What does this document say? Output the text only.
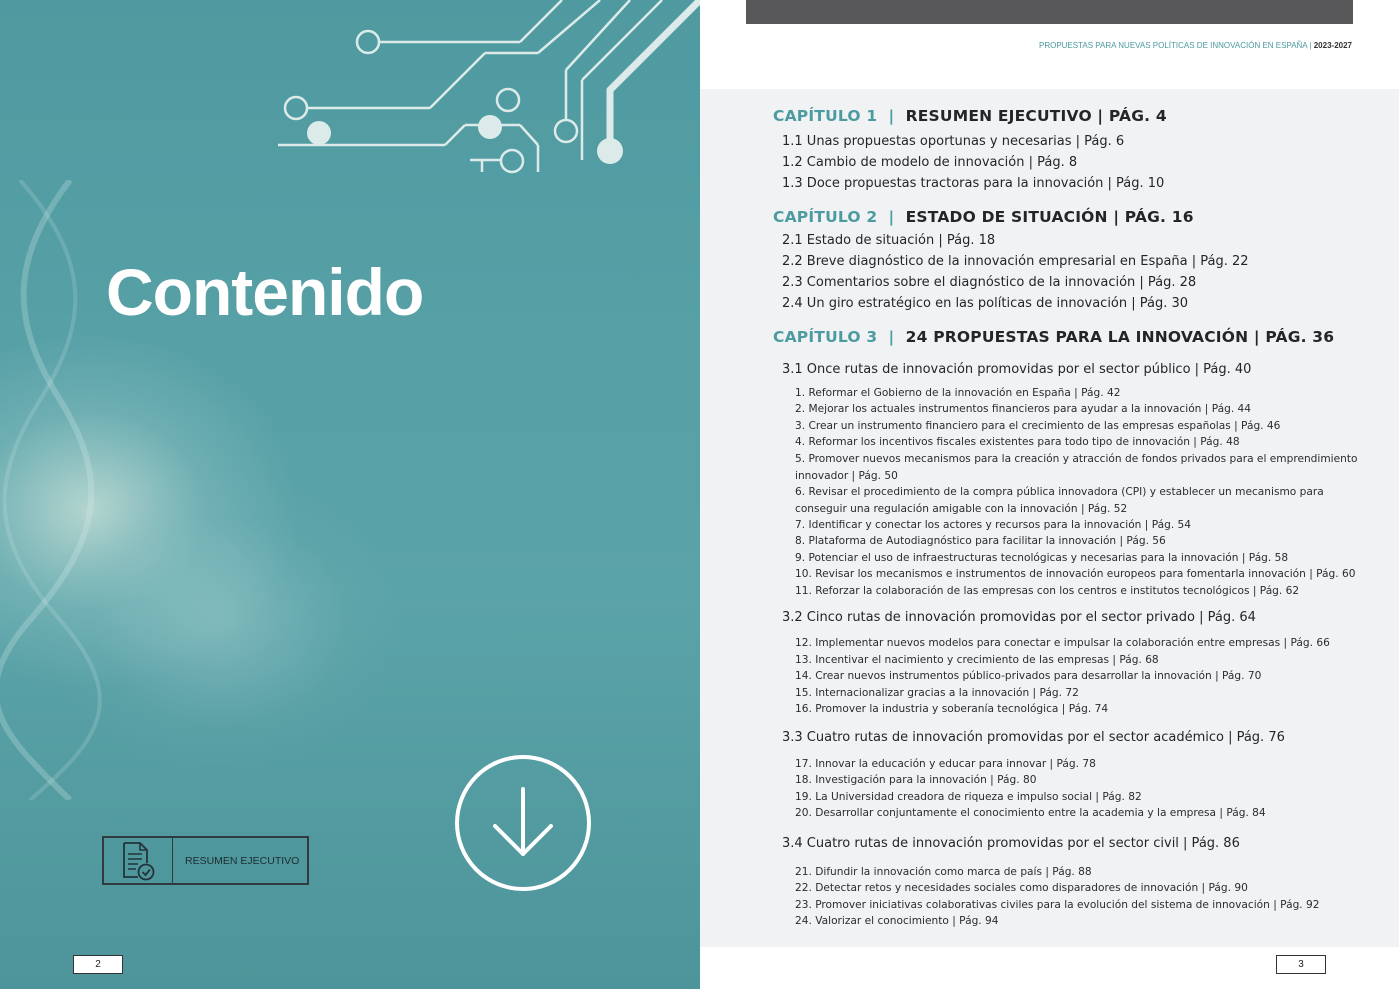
Contenido
RESUMEN EJECUTIVO
2
PROPUESTAS PARA NUEVAS POLÍTICAS DE INNOVACIÓN EN ESPAÑA | 2023-2027
CAPÍTULO 1  |  RESUMEN EJECUTIVO | PÁG. 4
1.1 Unas propuestas oportunas y necesarias | Pág. 6
1.2 Cambio de modelo de innovación | Pág. 8
1.3 Doce propuestas tractoras para la innovación | Pág. 10
CAPÍTULO 2  |  ESTADO DE SITUACIÓN | PÁG. 16
2.1 Estado de situación | Pág. 18
2.2 Breve diagnóstico de la innovación empresarial en España | Pág. 22
2.3 Comentarios sobre el diagnóstico de la innovación | Pág. 28
2.4 Un giro estratégico en las políticas de innovación | Pág. 30
CAPÍTULO 3  |  24 PROPUESTAS PARA LA INNOVACIÓN | PÁG. 36
3.1 Once rutas de innovación promovidas por el sector público | Pág. 40
1. Reformar el Gobierno de la innovación en España | Pág. 42
2. Mejorar los actuales instrumentos financieros para ayudar a la innovación | Pág. 44
3. Crear un instrumento financiero para el crecimiento de las empresas españolas | Pág. 46
4. Reformar los incentivos fiscales existentes para todo tipo de innovación | Pág. 48
5. Promover nuevos mecanismos para la creación y atracción de fondos privados para el emprendimiento innovador | Pág. 50
6. Revisar el procedimiento de la compra pública innovadora (CPI) y establecer un mecanismo para conseguir una regulación amigable con la innovación | Pág. 52
7. Identificar y conectar los actores y recursos para la innovación | Pág. 54
8. Plataforma de Autodiagnóstico para facilitar la innovación | Pág. 56
9. Potenciar el uso de infraestructuras tecnológicas y necesarias para la innovación | Pág. 58
10. Revisar los mecanismos e instrumentos de innovación europeos para fomentarla innovación | Pág. 60
11. Reforzar la colaboración de las empresas con los centros e institutos tecnológicos | Pág. 62
3.2 Cinco rutas de innovación promovidas por el sector privado | Pág. 64
12. Implementar nuevos modelos para conectar e impulsar la colaboración entre empresas | Pág. 66
13. Incentivar el nacimiento y crecimiento de las empresas | Pág. 68
14. Crear nuevos instrumentos público-privados para desarrollar la innovación | Pág. 70
15. Internacionalizar gracias a la innovación | Pág. 72
16. Promover la industria y soberanía tecnológica | Pág. 74
3.3 Cuatro rutas de innovación promovidas por el sector académico | Pág. 76
17. Innovar la educación y educar para innovar | Pág. 78
18. Investigación para la innovación | Pág. 80
19. La Universidad creadora de riqueza e impulso social | Pág. 82
20. Desarrollar conjuntamente el conocimiento entre la academia y la empresa | Pág. 84
3.4 Cuatro rutas de innovación promovidas por el sector civil | Pág. 86
21. Difundir la innovación como marca de país | Pág. 88
22. Detectar retos y necesidades sociales como disparadores de innovación | Pág. 90
23. Promover iniciativas colaborativas civiles para la evolución del sistema de innovación | Pág. 92
24. Valorizar el conocimiento | Pág. 94
3
